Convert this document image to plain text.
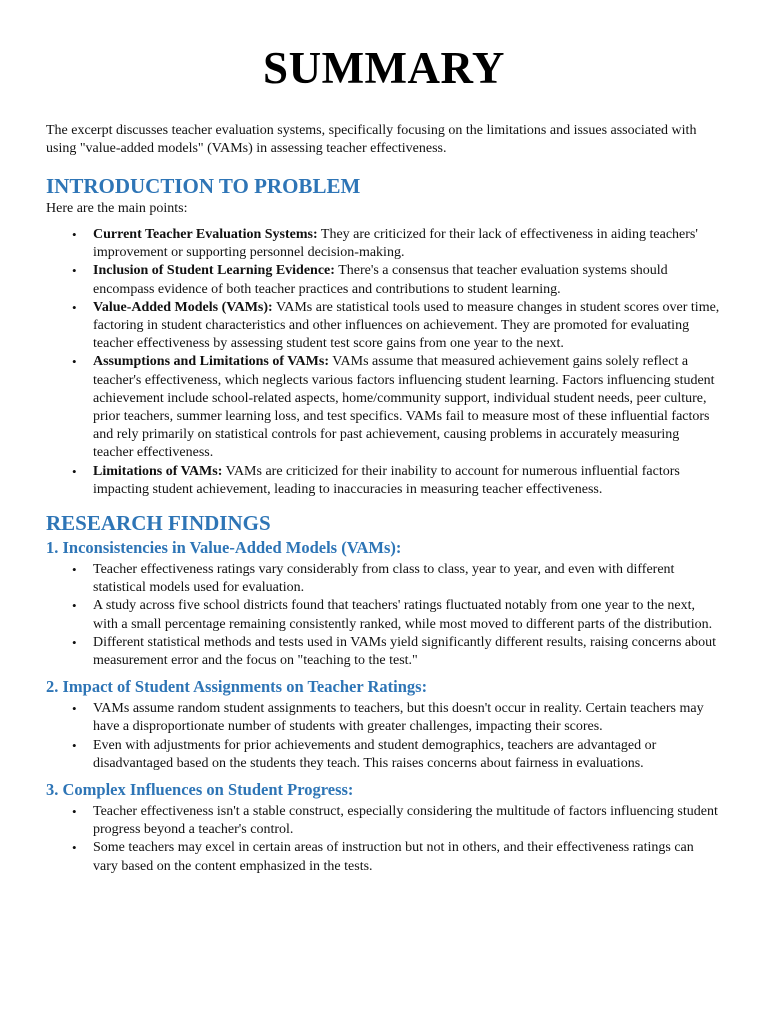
SUMMARY

The excerpt discusses teacher evaluation systems, specifically focusing on the limitations and issues associated with using "value-added models" (VAMs) in assessing teacher effectiveness.

INTRODUCTION TO PROBLEM

Here are the main points:

• Current Teacher Evaluation Systems: They are criticized for their lack of effectiveness in aiding teachers' improvement or supporting personnel decision-making.
• Inclusion of Student Learning Evidence: There's a consensus that teacher evaluation systems should encompass evidence of both teacher practices and contributions to student learning.
• Value-Added Models (VAMs): VAMs are statistical tools used to measure changes in student scores over time, factoring in student characteristics and other influences on achievement. They are promoted for evaluating teacher effectiveness by assessing student test score gains from one year to the next.
• Assumptions and Limitations of VAMs: VAMs assume that measured achievement gains solely reflect a teacher's effectiveness, which neglects various factors influencing student learning. Factors influencing student achievement include school-related aspects, home/community support, individual student needs, peer culture, prior teachers, summer learning loss, and test specifics. VAMs fail to measure most of these influential factors and rely primarily on statistical controls for past achievement, causing problems in accurately measuring teacher effectiveness.
• Limitations of VAMs: VAMs are criticized for their inability to account for numerous influential factors impacting student achievement, leading to inaccuracies in measuring teacher effectiveness.
RESEARCH FINDINGS
1. Inconsistencies in Value-Added Models (VAMs):
• Teacher effectiveness ratings vary considerably from class to class, year to year, and even with different statistical models used for evaluation.
• A study across five school districts found that teachers' ratings fluctuated notably from one year to the next, with a small percentage remaining consistently ranked, while most moved to different parts of the distribution.
• Different statistical methods and tests used in VAMs yield significantly different results, raising concerns about measurement error and the focus on "teaching to the test."
2. Impact of Student Assignments on Teacher Ratings:
• VAMs assume random student assignments to teachers, but this doesn't occur in reality. Certain teachers may have a disproportionate number of students with greater challenges, impacting their scores.
• Even with adjustments for prior achievements and student demographics, teachers are advantaged or disadvantaged based on the students they teach. This raises concerns about fairness in evaluations.
3. Complex Influences on Student Progress:
• Teacher effectiveness isn't a stable construct, especially considering the multitude of factors influencing student progress beyond a teacher's control.
• Some teachers may excel in certain areas of instruction but not in others, and their effectiveness ratings can vary based on the content emphasized in the tests.
